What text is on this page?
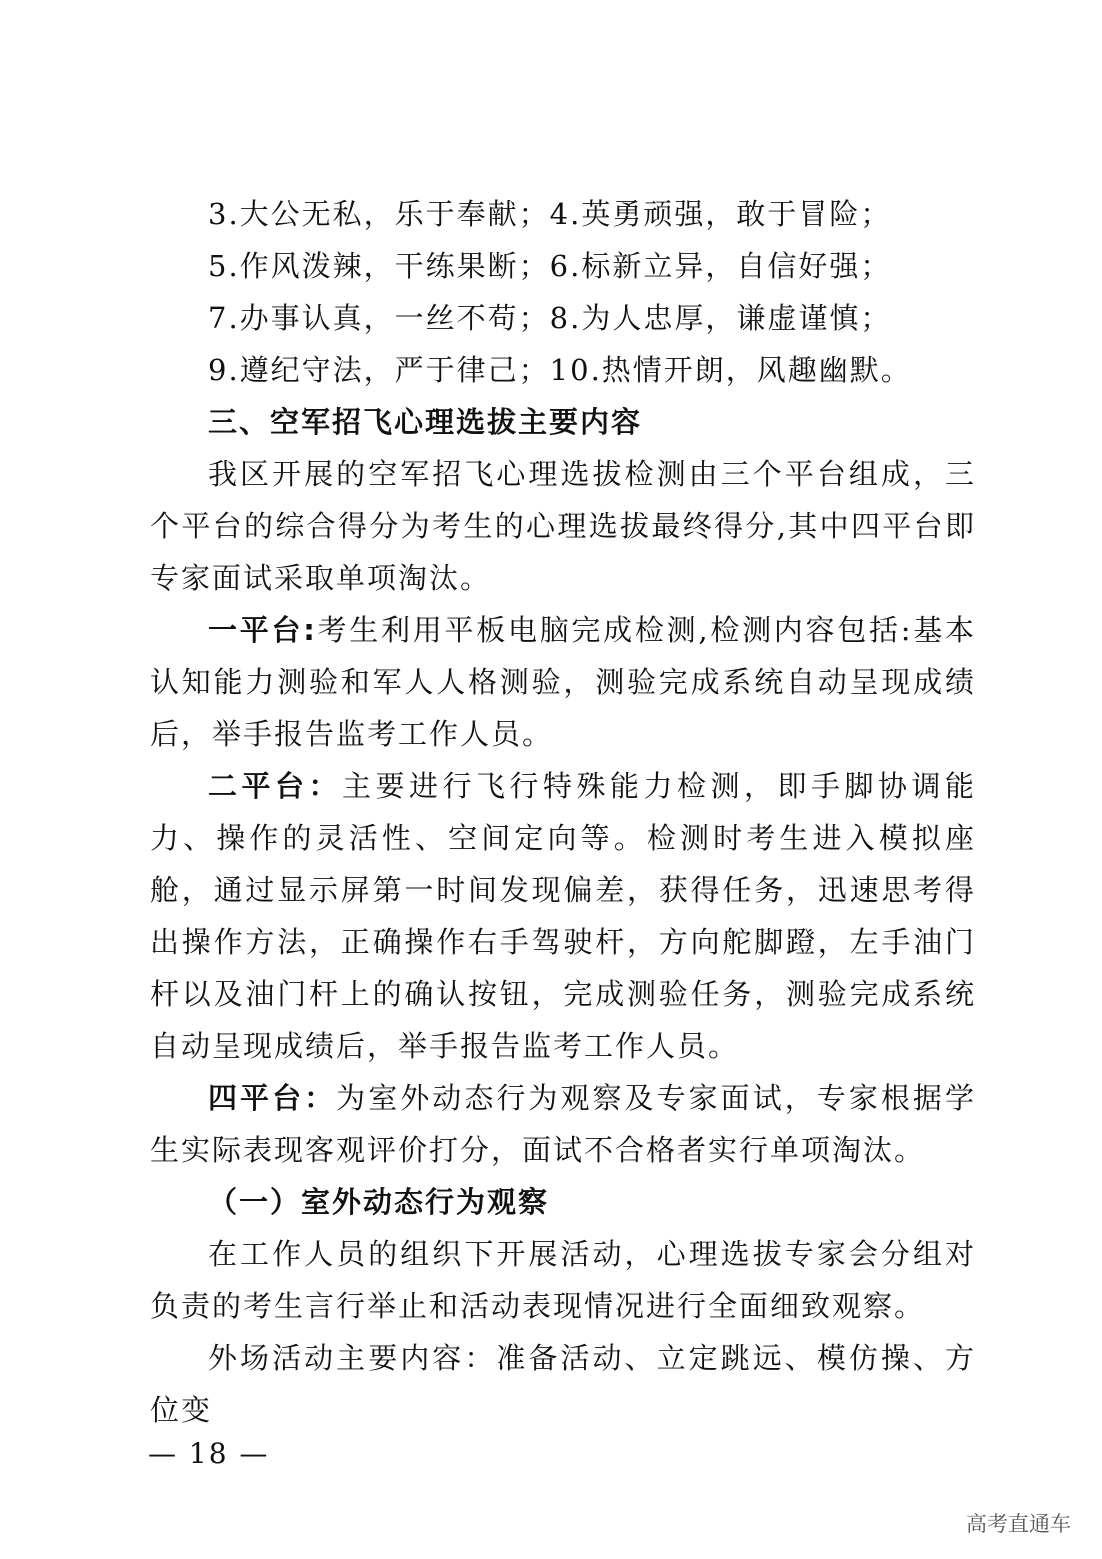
3.大公无私，乐于奉献；4.英勇顽强，敢于冒险；

5.作风泼辣，干练果断；6.标新立异，自信好强；

7.办事认真，一丝不苟；8.为人忠厚，谦虚谨慎；

9.遵纪守法，严于律己；10.热情开朗，风趣幽默。

三、空军招飞心理选拔主要内容

我区开展的空军招飞心理选拔检测由三个平台组成，三个平台的综合得分为考生的心理选拔最终得分,其中四平台即专家面试采取单项淘汰。

一平台:考生利用平板电脑完成检测,检测内容包括:基本认知能力测验和军人人格测验，测验完成系统自动呈现成绩后，举手报告监考工作人员。

二平台：主要进行飞行特殊能力检测，即手脚协调能力、操作的灵活性、空间定向等。检测时考生进入模拟座舱，通过显示屏第一时间发现偏差，获得任务，迅速思考得出操作方法，正确操作右手驾驶杆，方向舵脚蹬，左手油门杆以及油门杆上的确认按钮，完成测验任务，测验完成系统自动呈现成绩后，举手报告监考工作人员。

四平台：为室外动态行为观察及专家面试，专家根据学生实际表现客观评价打分，面试不合格者实行单项淘汰。

（一）室外动态行为观察

在工作人员的组织下开展活动，心理选拔专家会分组对负责的考生言行举止和活动表现情况进行全面细致观察。

外场活动主要内容：准备活动、立定跳远、模仿操、方位变

— 18 —
高考直通车
